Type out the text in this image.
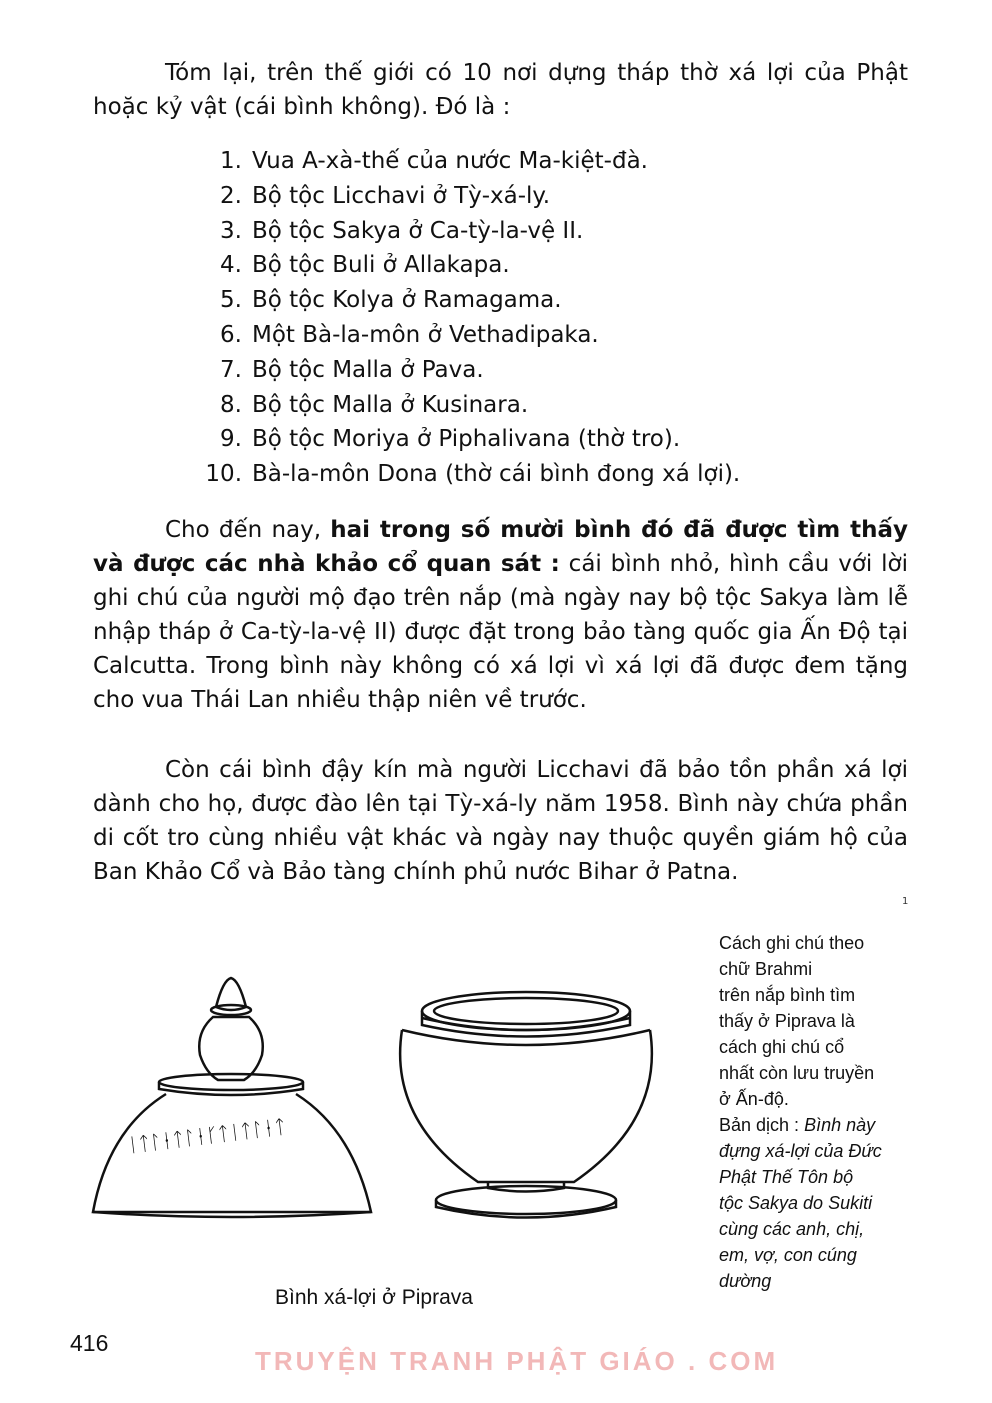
Tóm lại, trên thế giới có 10 nơi dựng tháp thờ xá lợi của Phật hoặc kỷ vật (cái bình không). Đó là :

1. Vua A-xà-thế của nước Ma-kiệt-đà.
2. Bộ tộc Licchavi ở Tỳ-xá-ly.
3. Bộ tộc Sakya ở Ca-tỳ-la-vệ II.
4. Bộ tộc Buli ở Allakapa.
5. Bộ tộc Kolya ở Ramagama.
6. Một Bà-la-môn ở Vethadipaka.
7. Bộ tộc Malla ở Pava.
8. Bộ tộc Malla ở Kusinara.
9. Bộ tộc Moriya ở Piphalivana (thờ tro).
10. Bà-la-môn Dona (thờ cái bình đong xá lợi).

Cho đến nay, hai trong số mười bình đó đã được tìm thấy và được các nhà khảo cổ quan sát : cái bình nhỏ, hình cầu với lời ghi chú của người mộ đạo trên nắp (mà ngày nay bộ tộc Sakya làm lễ nhập tháp ở Ca-tỳ-la-vệ II) được đặt trong bảo tàng quốc gia Ấn Độ tại Calcutta. Trong bình này không có xá lợi vì xá lợi đã được đem tặng cho vua Thái Lan nhiều thập niên về trước.

Còn cái bình đậy kín mà người Licchavi đã bảo tồn phần xá lợi dành cho họ, được đào lên tại Tỳ-xá-ly năm 1958. Bình này chứa phần di cốt tro cùng nhiều vật khác và ngày nay thuộc quyền giám hộ của Ban Khảo Cổ và Bảo tàng chính phủ nước Bihar ở Patna.

1
ᛁᛏᛚᚽᛏᛚᚽᚴᛏᛁᛏᛚᚽᛏ
Bình xá-lợi ở Piprava
Cách ghi chú theo
chữ Brahmi
trên nắp bình tìm
thấy ở Piprava là
cách ghi chú cổ
nhất còn lưu truyền
ở Ấn-độ.
Bản dịch : Bình này
đựng xá-lợi của Đức
Phật Thế Tôn bộ
tộc Sakya do Sukiti
cùng các anh, chị,
em, vợ, con cúng
dường
416
TRUYỆN TRANH PHẬT GIÁO . COM
